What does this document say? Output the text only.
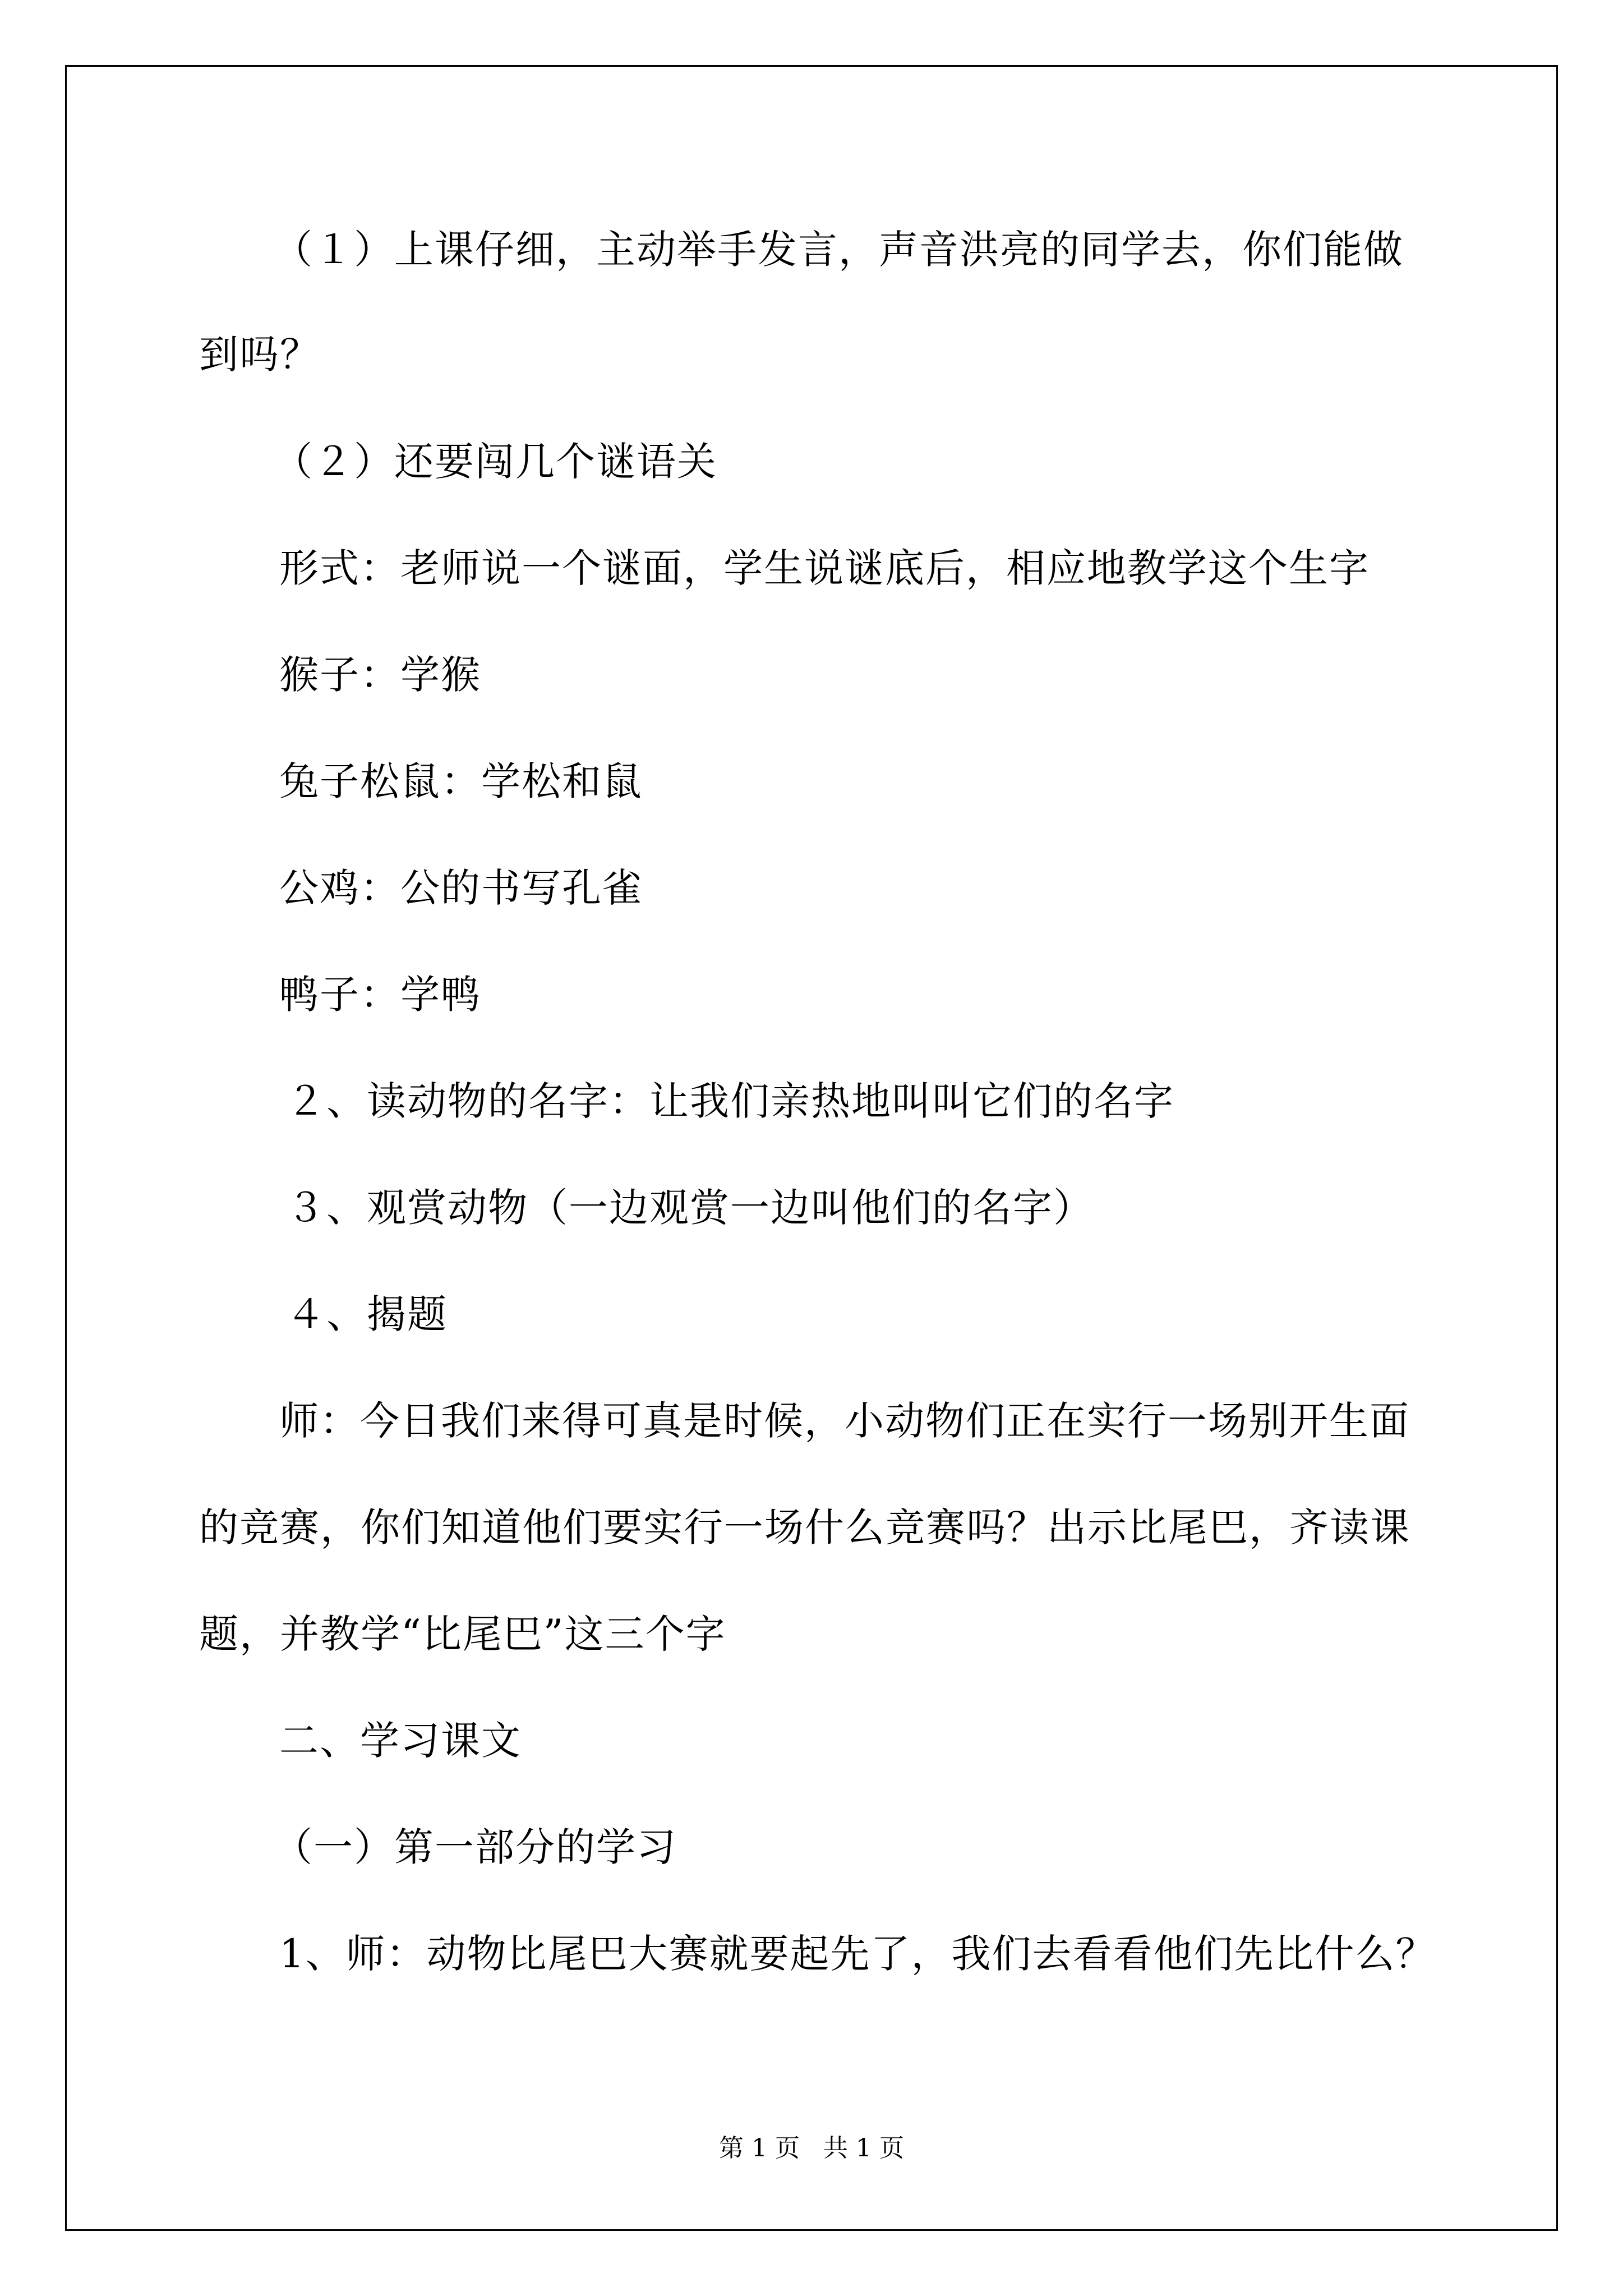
（１）上课仔细，主动举手发言，声音洪亮的同学去，你们能做
到吗？
（２）还要闯几个谜语关
形式：老师说一个谜面，学生说谜底后，相应地教学这个生字
猴子：学猴
兔子松鼠：学松和鼠
公鸡：公的书写孔雀
鸭子：学鸭
２、读动物的名字：让我们亲热地叫叫它们的名字
３、观赏动物（一边观赏一边叫他们的名字）
４、揭题
师：今日我们来得可真是时候，小动物们正在实行一场别开生面
的竞赛，你们知道他们要实行一场什么竞赛吗？出示比尾巴，齐读课
题，并教学“比尾巴”这三个字
二、学习课文
（一）第一部分的学习
1、师：动物比尾巴大赛就要起先了，我们去看看他们先比什么？
第 1 页   共 1 页
